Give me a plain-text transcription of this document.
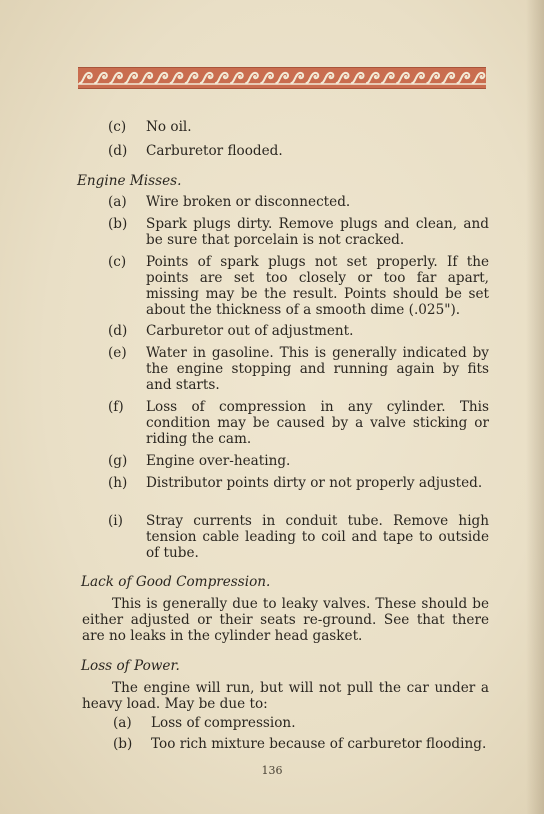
(c) No oil.
(d) Carburetor flooded.
Engine Misses.
(a) Wire broken or disconnected.
(b) Spark plugs dirty. Remove plugs and clean, and be sure that porcelain is not cracked.
(c) Points of spark plugs not set properly. If the points are set too closely or too far apart, missing may be the result. Points should be set about the thickness of a smooth dime (.025").
(d) Carburetor out of adjustment.
(e) Water in gasoline. This is generally indicated by the engine stopping and running again by fits and starts.
(f) Loss of compression in any cylinder. This condition may be caused by a valve sticking or riding the cam.
(g) Engine over-heating.
(h) Distributor points dirty or not properly adjusted.
(i) Stray currents in conduit tube. Remove high tension cable leading to coil and tape to outside of tube.
Lack of Good Compression.
This is generally due to leaky valves. These should be either adjusted or their seats re-ground. See that there are no leaks in the cylinder head gasket.
Loss of Power.
The engine will run, but will not pull the car under a heavy load. May be due to:
(a) Loss of compression.
(b) Too rich mixture because of carburetor flooding.
136
